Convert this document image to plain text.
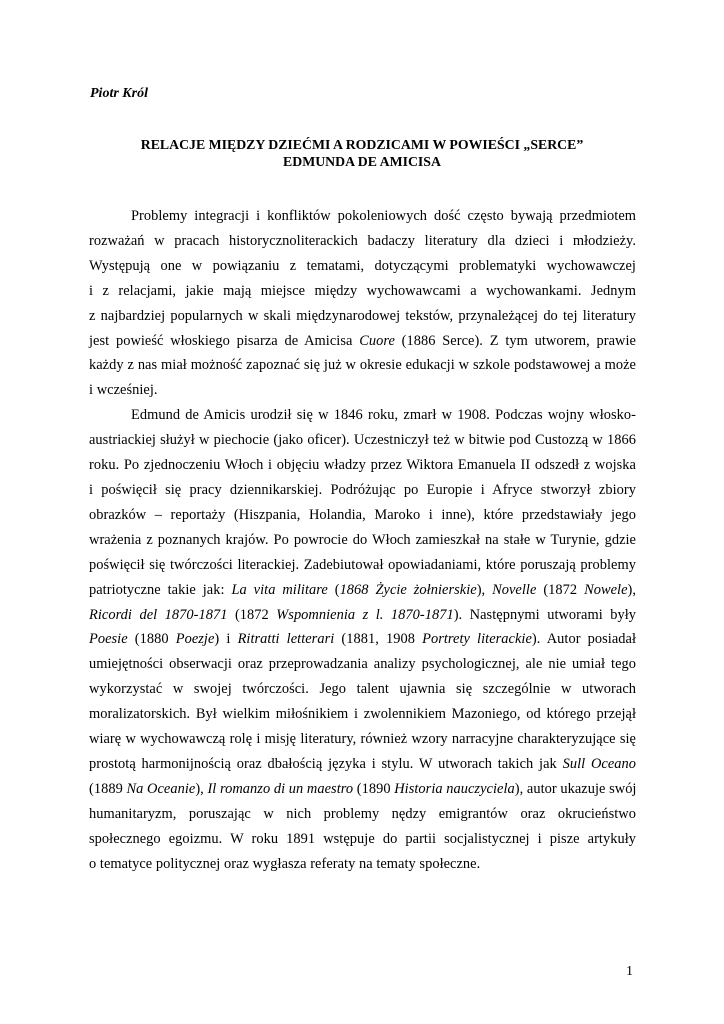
Piotr Król

RELACJE MIĘDZY DZIEĆMI A RODZICAMI W POWIEŚCI „SERCE”
EDMUNDA DE AMICISA

Problemy integracji i konfliktów pokoleniowych dość często bywają przedmiotem
rozważań w pracach historycznoliterackich badaczy literatury dla dzieci i młodzieży.
Występują one w powiązaniu z tematami, dotyczącymi problematyki wychowawczej
i z relacjami, jakie mają miejsce między wychowawcami a wychowankami. Jednym
z najbardziej popularnych w skali międzynarodowej tekstów, przynależącej do tej literatury
jest powieść włoskiego pisarza de Amicisa Cuore (1886 Serce). Z tym utworem, prawie
każdy z nas miał możność zapoznać się już w okresie edukacji w szkole podstawowej a może
i wcześniej.

Edmund de Amicis urodził się w 1846 roku, zmarł w 1908. Podczas wojny włosko-
austriackiej służył w piechocie (jako oficer). Uczestniczył też w bitwie pod Custozzą w 1866
roku. Po zjednoczeniu Włoch i objęciu władzy przez Wiktora Emanuela II odszedł z wojska
i poświęcił się pracy dziennikarskiej. Podróżując po Europie i Afryce stworzył zbiory
obrazków – reportaży (Hiszpania, Holandia, Maroko i inne), które przedstawiały jego
wrażenia z poznanych krajów. Po powrocie do Włoch zamieszkał na stałe w Turynie, gdzie
poświęcił się twórczości literackiej. Zadebiutował opowiadaniami, które poruszają problemy
patriotyczne takie jak: La vita militare (1868 Życie żołnierskie), Novelle (1872 Nowele),
Ricordi del 1870-1871 (1872 Wspomnienia z l. 1870-1871). Następnymi utworami były
Poesie (1880 Poezje) i Ritratti letterari (1881, 1908 Portrety literackie). Autor posiadał
umiejętności obserwacji oraz przeprowadzania analizy psychologicznej, ale nie umiał tego
wykorzystać w swojej twórczości. Jego talent ujawnia się szczególnie w utworach
moralizatorskich. Był wielkim miłośnikiem i zwolennikiem Mazoniego, od którego przejął
wiarę w wychowawczą rolę i misję literatury, również wzory narracyjne charakteryzujące się
prostotą harmonijnością oraz dbałością języka i stylu. W utworach takich jak Sull Oceano
(1889 Na Oceanie), Il romanzo di un maestro (1890 Historia nauczyciela), autor ukazuje swój
humanitaryzm, poruszając w nich problemy nędzy emigrantów oraz okrucieństwo
społecznego egoizmu. W roku 1891 wstępuje do partii socjalistycznej i pisze artykuły
o tematyce politycznej oraz wygłasza referaty na tematy społeczne.

1
